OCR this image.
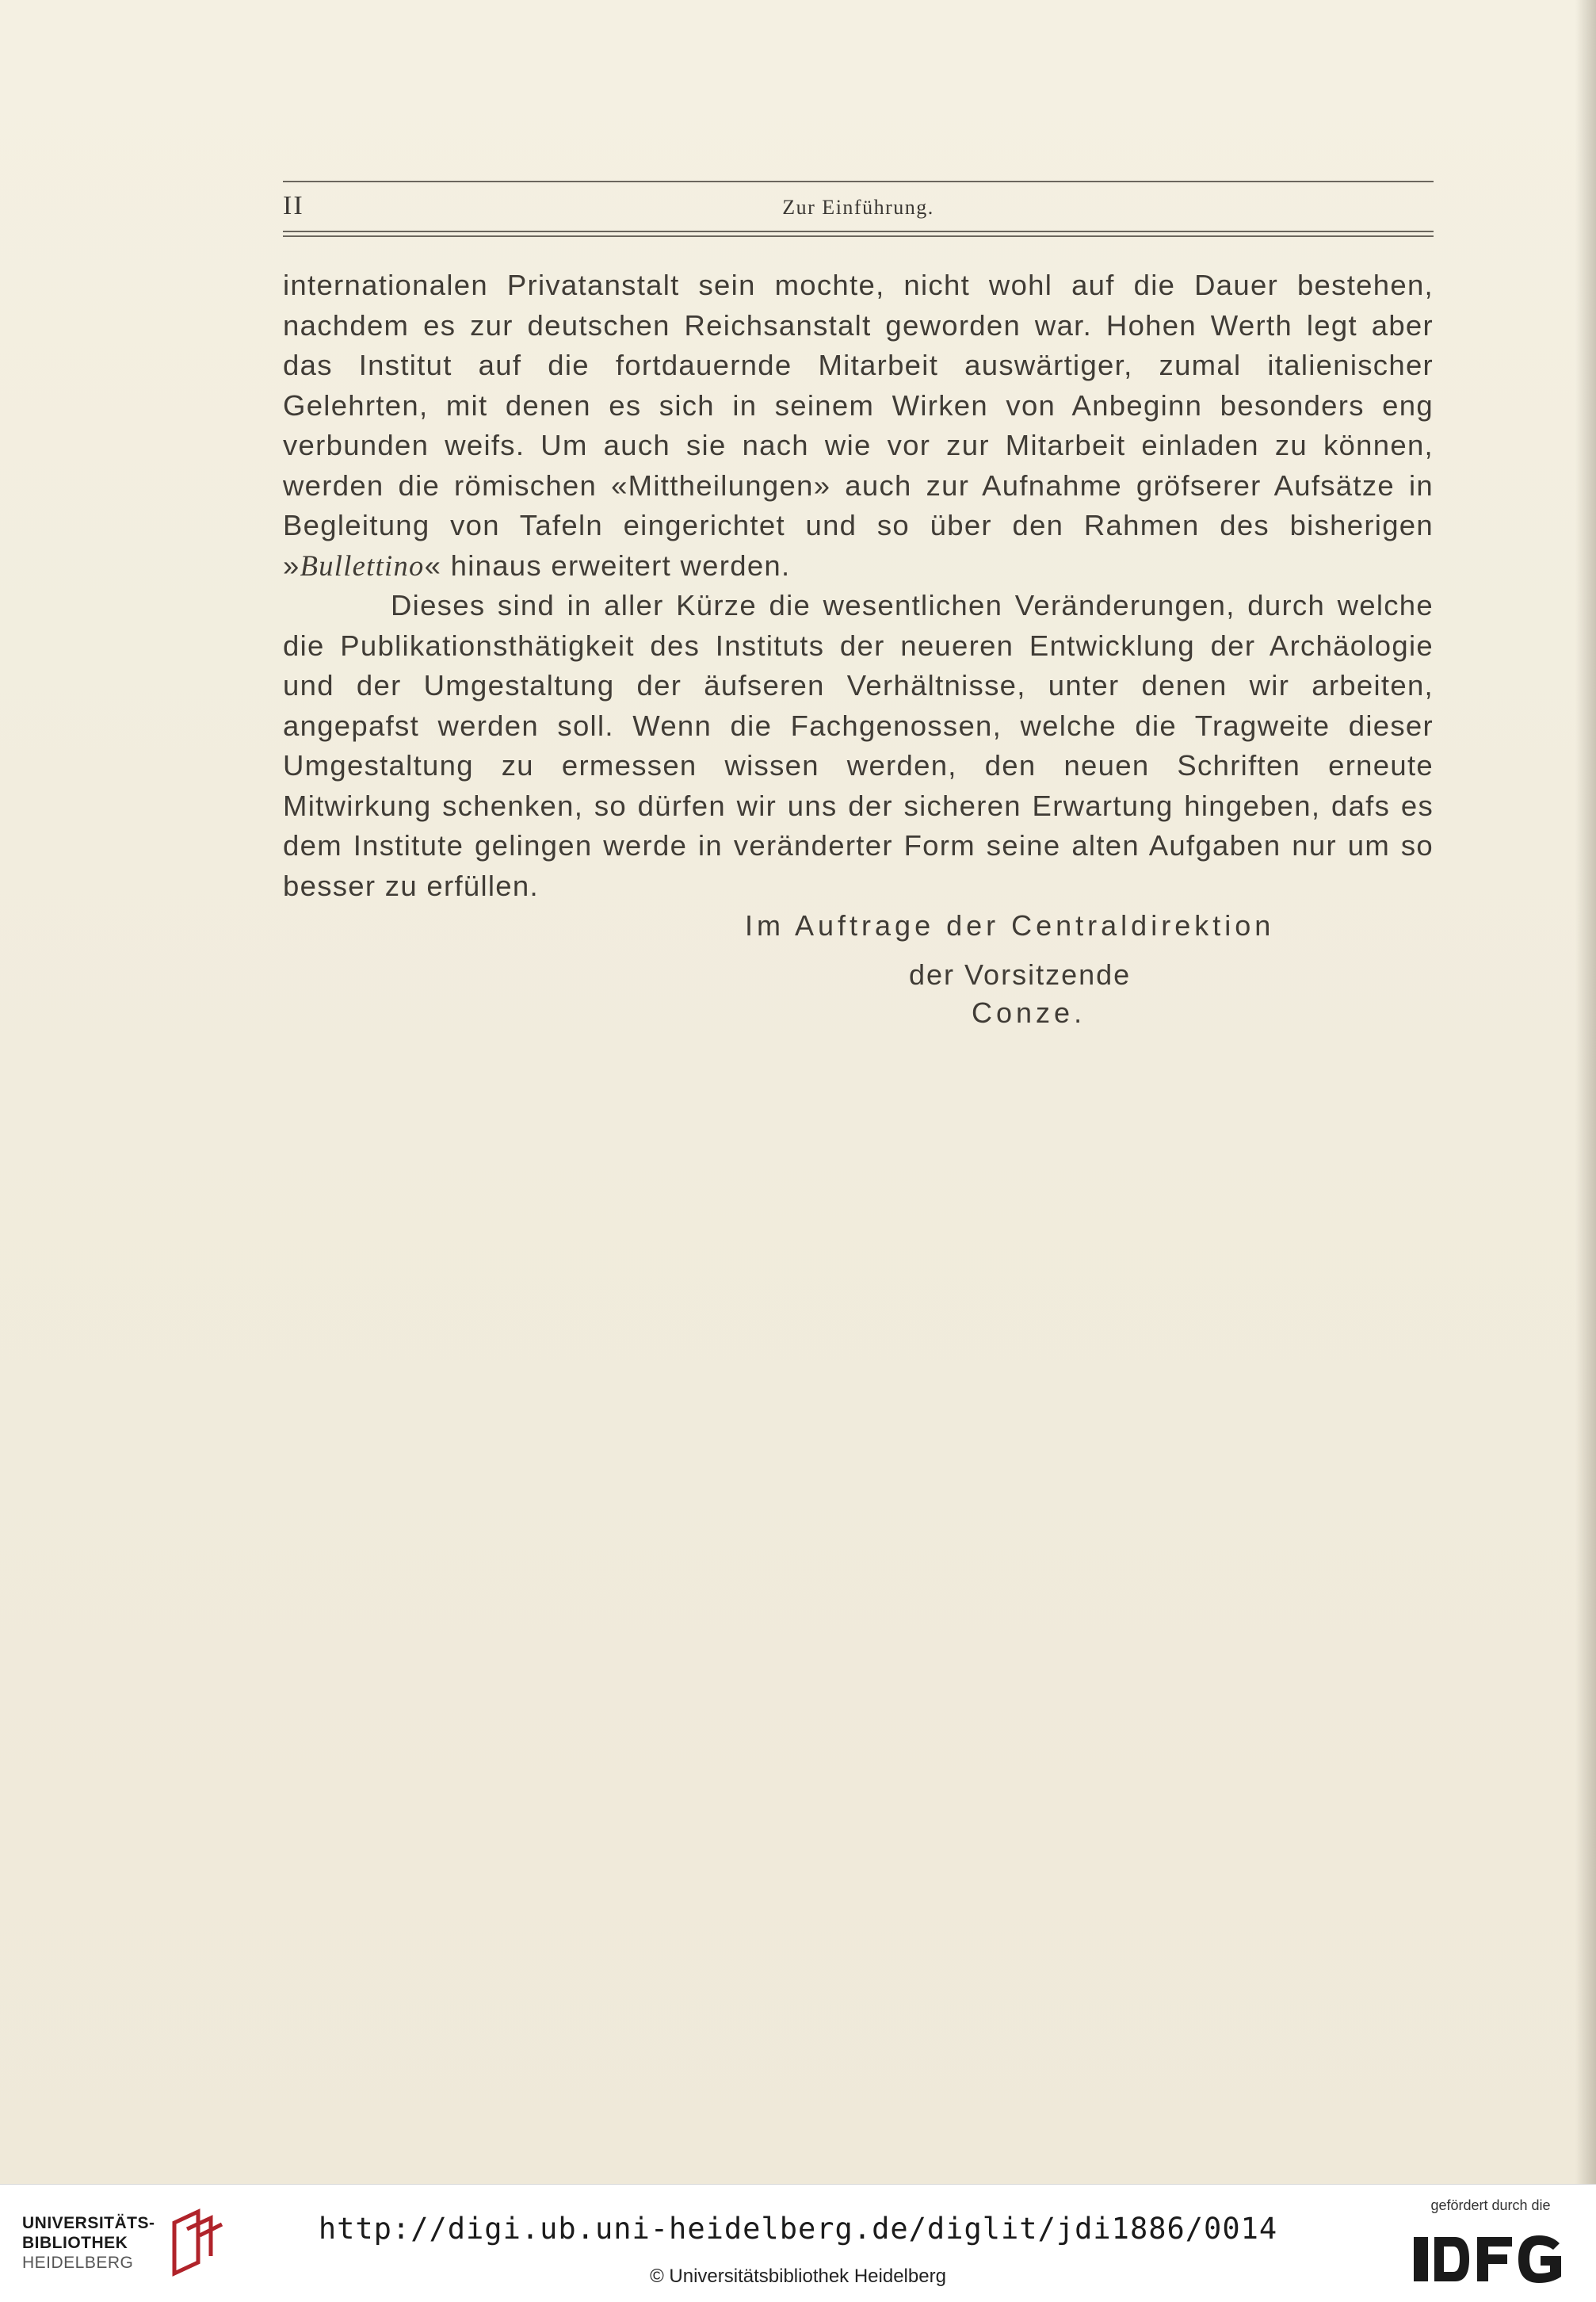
II	Zur Einführung.

internationalen Privatanstalt sein mochte, nicht wohl auf die Dauer bestehen, nachdem es zur deutschen Reichsanstalt geworden war. Hohen Werth legt aber das Institut auf die fortdauernde Mitarbeit auswärtiger, zumal italienischer Gelehrten, mit denen es sich in seinem Wirken von Anbeginn besonders eng verbunden weifs. Um auch sie nach wie vor zur Mitarbeit einladen zu können, werden die römischen «Mittheilungen» auch zur Aufnahme gröfserer Aufsätze in Begleitung von Tafeln eingerichtet und so über den Rahmen des bisherigen »Bullettino« hinaus erweitert werden.

Dieses sind in aller Kürze die wesentlichen Veränderungen, durch welche die Publikationsthätigkeit des Instituts der neueren Entwicklung der Archäologie und der Umgestaltung der äufseren Verhältnisse, unter denen wir arbeiten, angepafst werden soll. Wenn die Fachgenossen, welche die Tragweite dieser Umgestaltung zu ermessen wissen werden, den neuen Schriften erneute Mitwirkung schenken, so dürfen wir uns der sicheren Erwartung hingeben, dafs es dem Institute gelingen werde in veränderter Form seine alten Aufgaben nur um so besser zu erfüllen.

Im Auftrage der Centraldirektion
der Vorsitzende
Conze.
UNIVERSITÄTS-
BIBLIOTHEK
HEIDELBERG
http://digi.ub.uni-heidelberg.de/diglit/jdi1886/0014
© Universitätsbibliothek Heidelberg
gefördert durch die
